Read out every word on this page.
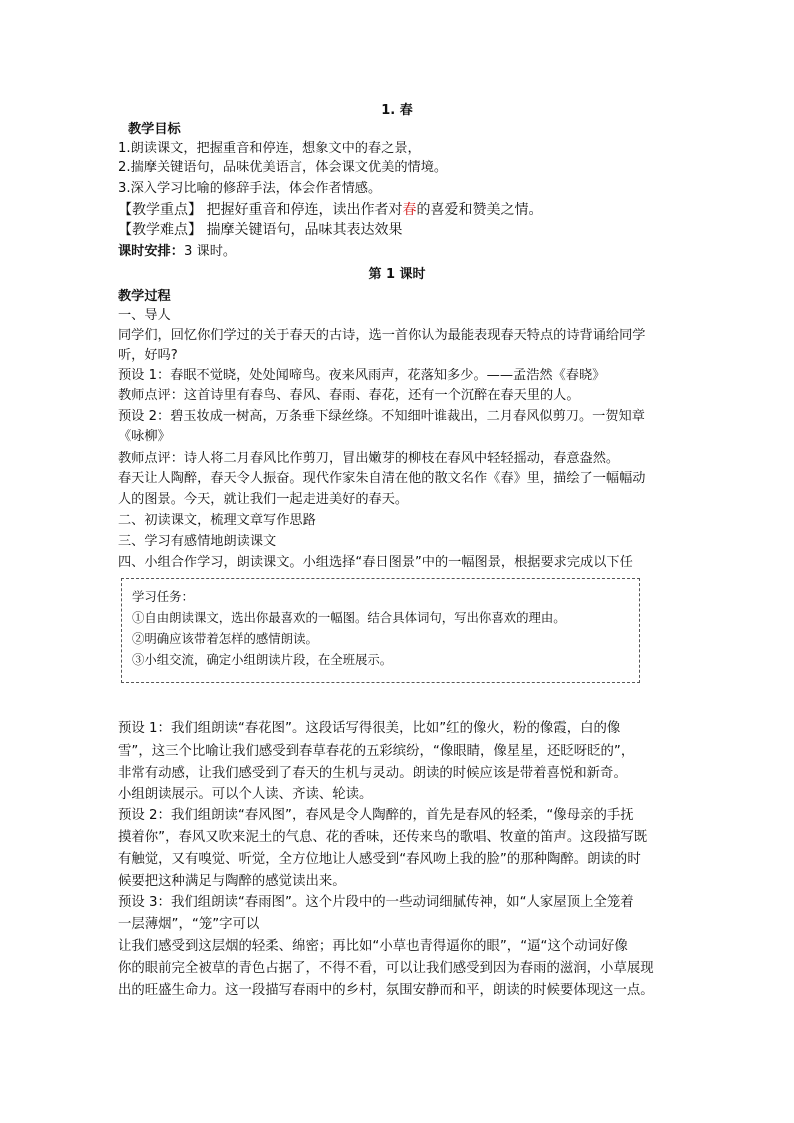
1. 春
教学目标
1.朗读课文，把握重音和停连，想象文中的春之景，
2.揣摩关键语句，品味优美语言，体会课文优美的情境。
3.深入学习比喻的修辞手法，体会作者情感。
【教学重点】 把握好重音和停连，读出作者对春的喜爱和赞美之情。
【教学难点】 揣摩关键语句，品味其表达效果
课时安排：3 课时。
第 1 课时
教学过程
一、导人
同学们，回忆你们学过的关于春天的古诗，选一首你认为最能表现春天特点的诗背诵给同学
听，好吗?
预设 1：春眠不觉晓，处处闻啼鸟。夜来风雨声，花落知多少。——孟浩然《春晓》
教师点评：这首诗里有春鸟、春风、春雨、春花，还有一个沉醉在春天里的人。
预设 2：碧玉妆成一树高，万条垂下绿丝绦。不知细叶谁裁出，二月春风似剪刀。一贺知章
《咏柳》
教师点评：诗人将二月春风比作剪刀，冒出嫩芽的柳枝在春风中轻轻摇动，春意盎然。
春天让人陶醉，春天令人振奋。现代作家朱自清在他的散文名作《春》里，描绘了一幅幅动
人的图景。今天，就让我们一起走进美好的春天。
二、初读课文，梳理文章写作思路
三、学习有感情地朗读课文
四、小组合作学习，朗读课文。小组选择“春日图景”中的一幅图景，根据要求完成以下任
学习任务：
①自由朗读课文，选出你最喜欢的一幅图。结合具体词句，写出你喜欢的理由。
②明确应该带着怎样的感情朗读。
③小组交流，确定小组朗读片段，在全班展示。
预设 1：我们组朗读“春花图”。这段话写得很美，比如”红的像火，粉的像霞，白的像
雪”，这三个比喻让我们感受到春草春花的五彩缤纷，“像眼睛，像星星，还眨呀眨的”，
非常有动感，让我们感受到了春天的生机与灵动。朗读的时候应该是带着喜悦和新奇。
小组朗读展示。可以个人读、齐读、轮读。
预设 2：我们组朗读“春风图”，春风是令人陶醉的，首先是春风的轻柔，“像母亲的手抚
摸着你”，春风又吹来泥土的气息、花的香味，还传来鸟的歌唱、牧童的笛声。这段描写既
有触觉，又有嗅觉、听觉，全方位地让人感受到“春风吻上我的脸”的那种陶醉。朗读的时
候要把这种满足与陶醉的感觉读出来。
预设 3：我们组朗读“春雨图”。这个片段中的一些动词细腻传神，如“人家屋顶上全笼着
一层薄烟”，“笼”字可以
让我们感受到这层烟的轻柔、绵密；再比如“小草也青得逼你的眼”，“逼“这个动词好像
你的眼前完全被草的青色占据了，不得不看，可以让我们感受到因为春雨的滋润，小草展现
出的旺盛生命力。这一段描写春雨中的乡村，氛围安静而和平，朗读的时候要体现这一点。
